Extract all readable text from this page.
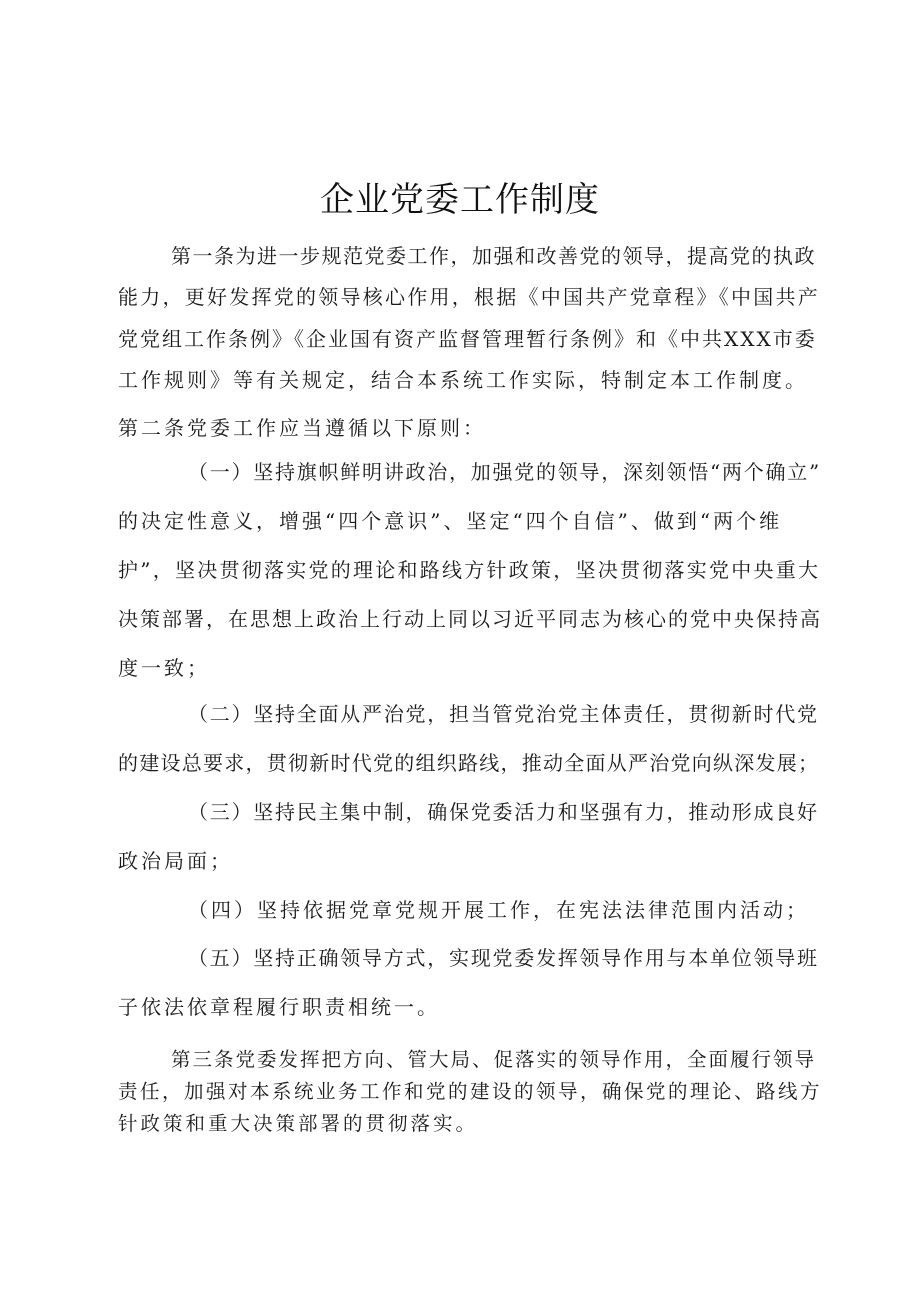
企业党委工作制度
第一条为进一步规范党委工作，加强和改善党的领导，提高党的执政
能力，更好发挥党的领导核心作用，根据《中国共产党章程》《中国共产
党党组工作条例》《企业国有资产监督管理暂行条例》和《中共XXX市委
工作规则》等有关规定，结合本系统工作实际，特制定本工作制度。
第二条党委工作应当遵循以下原则：
（一）坚持旗帜鲜明讲政治，加强党的领导，深刻领悟“两个确立”
的决定性意义，增强“四个意识”、坚定“四个自信”、做到“两个维
护”，坚决贯彻落实党的理论和路线方针政策，坚决贯彻落实党中央重大
决策部署，在思想上政治上行动上同以习近平同志为核心的党中央保持高
度一致；
（二）坚持全面从严治党，担当管党治党主体责任，贯彻新时代党
的建设总要求，贯彻新时代党的组织路线，推动全面从严治党向纵深发展；
（三）坚持民主集中制，确保党委活力和坚强有力，推动形成良好
政治局面；
（四）坚持依据党章党规开展工作，在宪法法律范围内活动；
（五）坚持正确领导方式，实现党委发挥领导作用与本单位领导班
子依法依章程履行职责相统一。
第三条党委发挥把方向、管大局、促落实的领导作用，全面履行领导
责任，加强对本系统业务工作和党的建设的领导，确保党的理论、路线方
针政策和重大决策部署的贯彻落实。
